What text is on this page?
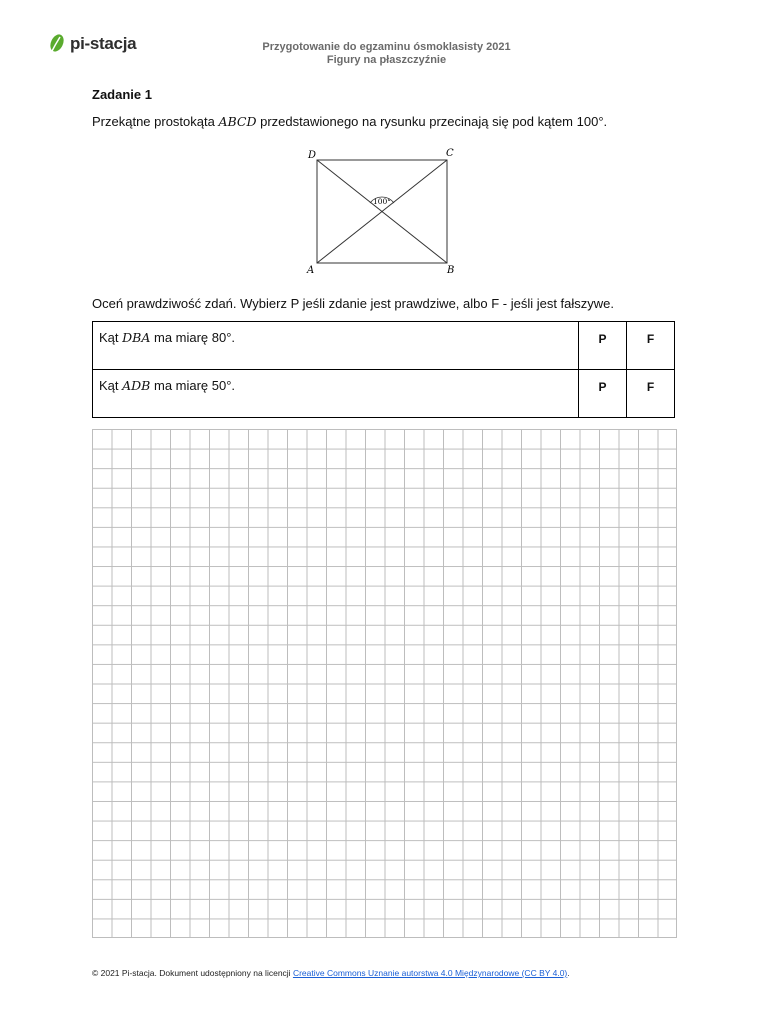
pi-stacja	Przygotowanie do egzaminu ósmoklasisty 2021
Figury na płaszczyźnie
Zadanie 1
Przekątne prostokąta ABCD przedstawionego na rysunku przecinają się pod kątem 100°.
100°
D	C
A	B
Oceń prawdziwość zdań. Wybierz P jeśli zdanie jest prawdziwe, albo F - jeśli jest fałszywe.
Kąt DBA ma miarę 80°.	P	F
Kąt ADB ma miarę 50°.	P	F
© 2021 Pi-stacja. Dokument udostępniony na licencji Creative Commons Uznanie autorstwa 4.0 Międzynarodowe (CC BY 4.0).
